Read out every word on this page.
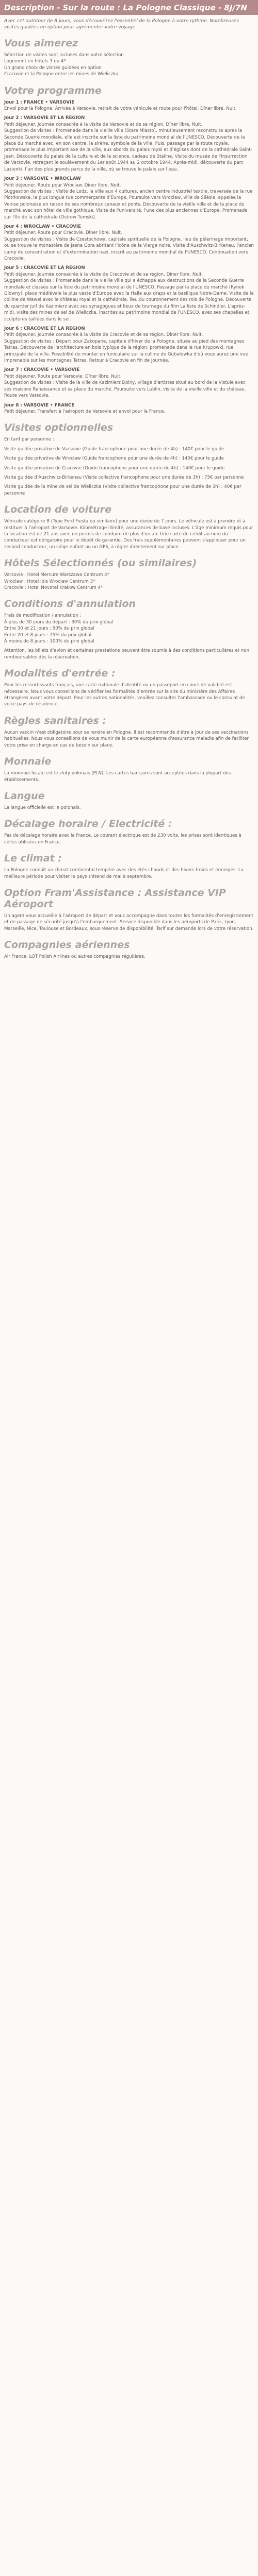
Description - Sur la route : La Pologne Classique - 8J/7N
Avec cet autotour de 8 jours, vous découvrirez l'essentiel de la Pologne à votre rythme. Nombreuses visites guidées en option pour agrémenter votre voyage.
Vous aimerez
Sélection de visites sont incluses dans votre sélection
Logement en hôtels 3 ou 4*
Un grand choix de visites guidées en option
Cracovie et la Pologne entre les mines de Wieliczka
Votre programme

Jour 1 : FRANCE • VARSOVIE
Envol pour la Pologne. Arrivée à Varsovie, retrait de votre véhicule et route pour l'hôtel. Dîner libre. Nuit.

Jour 2 : VARSOVIE ET LA REGION
Petit déjeuner. Journée consacrée à la visite de Varsovie et de sa région. Dîner libre. Nuit.
Suggestion de visites : Promenade dans la vieille ville (Stare Miasto), minutieusement reconstruite après la Seconde Guerre mondiale, elle est inscrite sur la liste du patrimoine mondial de l'UNESCO. Découverte de la place du marché avec, en son centre, la sirène, symbole de la ville. Puis, passage par la route royale, promenade le plus important axe de la ville, aux abords du palais royal et d'églises dont de la cathédrale Saint-Jean. Découverte du palais de la culture et de la science, cadeau de Staline. Visite du musée de l'insurrection de Varsovie, retraçant le soulèvement du 1er août 1944 au 2 octobre 1944. Après-midi, découverte du parc Lazienki, l'un des plus grands parcs de la ville, où se trouve le palais sur l'eau.

Jour 3 : VARSOVIE • WROCLAW
Petit déjeuner. Route pour Wroclaw. Dîner libre. Nuit.
Suggestion de visites : Visite de Lodz, la ville aux 4 cultures, ancien centre industriel textile, traversée de la rue Piotrkowska, la plus longue rue commerçante d'Europe. Poursuite vers Wroclaw, ville de Silésie, appelée la Venise polonaise en raison de ses nombreux canaux et ponts. Découverte de la vieille ville et de la place du marché avec son hôtel de ville gothique. Visite de l'université, l'une des plus anciennes d'Europe. Promenade sur l'île de la cathédrale (Ostrow Tumski).

Jour 4 : WROCLAW • CRACOVIE
Petit déjeuner. Route pour Cracovie. Dîner libre. Nuit.
Suggestion de visites : Visite de Czestochowa, capitale spirituelle de la Pologne, lieu de pèlerinage important, où se trouve le monastère de Jasna Gora abritant l'icône de la Vierge noire. Visite d'Auschwitz-Birkenau, l'ancien camp de concentration et d'extermination nazi, inscrit au patrimoine mondial de l'UNESCO. Continuation vers Cracovie.

Jour 5 : CRACOVIE ET LA REGION
Petit déjeuner. Journée consacrée à la visite de Cracovie et de sa région. Dîner libre. Nuit.
Suggestion de visites : Promenade dans la vieille ville qui a échappé aux destructions de la Seconde Guerre mondiale et classée sur la liste du patrimoine mondial de l'UNESCO. Passage par la place du marché (Rynek Glowny), place médiévale la plus vaste d'Europe avec la Halle aux draps et la basilique Notre-Dame. Visite de la colline de Wawel avec le château royal et la cathédrale, lieu du couronnement des rois de Pologne. Découverte du quartier juif de Kazimierz avec ses synagogues et lieux de tournage du film La liste de Schindler. L'après-midi, visite des mines de sel de Wieliczka, inscrites au patrimoine mondial de l'UNESCO, avec ses chapelles et sculptures taillées dans le sel.

Jour 6 : CRACOVIE ET LA REGION
Petit déjeuner. Journée consacrée à la visite de Cracovie et de sa région. Dîner libre. Nuit.
Suggestion de visites : Départ pour Zakopane, capitale d'hiver de la Pologne, située au pied des montagnes Tatras. Découverte de l'architecture en bois typique de la région, promenade dans la rue Krupowki, rue principale de la ville. Possibilité de monter en funiculaire sur la colline de Gubalowka d'où vous aurez une vue imprenable sur les montagnes Tatras. Retour à Cracovie en fin de journée.

Jour 7 : CRACOVIE • VARSOVIE
Petit déjeuner. Route pour Varsovie. Dîner libre. Nuit.
Suggestion de visites : Visite de la ville de Kazimierz Dolny, village d'artistes situé au bord de la Vistule avec ses maisons Renaissance et sa place du marché. Poursuite vers Lublin, visite de la vieille ville et du château. Route vers Varsovie.

Jour 8 : VARSOVIE • FRANCE
Petit déjeuner. Transfert à l'aéroport de Varsovie et envol pour la France.

Visites optionnelles

En tarif par personne :

Visite guidée privative de Varsovie (Guide francophone pour une durée de 4h) : 140€ pour le guide

Visite guidée privative de Wroclaw (Guide francophone pour une durée de 4h) : 140€ pour le guide

Visite guidée privative de Cracovie (Guide francophone pour une durée de 4h) : 140€ pour le guide

Visite guidée d'Auschwitz-Birkenau (Visite collective francophone pour une durée de 3h) : 75€ par personne

Visite guidée de la mine de sel de Wieliczka (Visite collective francophone pour une durée de 3h) : 40€ par personne

Location de voiture

Véhicule catégorie B (Type Ford Fiesta ou similaire) pour une durée de 7 jours. Le véhicule est à prendre et à restituer à l'aéroport de Varsovie. Kilométrage illimité, assurances de base incluses. L'âge minimum requis pour la location est de 21 ans avec un permis de conduire de plus d'un an. Une carte de crédit au nom du conducteur est obligatoire pour le dépôt de garantie. Des frais supplémentaires peuvent s'appliquer pour un second conducteur, un siège enfant ou un GPS, à régler directement sur place.

Hôtels Sélectionnés (ou similaires)
Varsovie : Hotel Mercure Warszawa Centrum 4*
Wroclaw : Hotel Ibis Wroclaw Centrum 3*
Cracovie : Hotel Novotel Krakow Centrum 4*
Conditions d'annulation
Frais de modification / annulation :
À plus de 30 jours du départ : 30% du prix global
Entre 30 et 21 jours : 50% du prix global
Entre 20 et 8 jours : 75% du prix global
À moins de 8 jours : 100% du prix global

Attention, les billets d'avion et certaines prestations peuvent être soumis à des conditions particulières et non remboursables dès la réservation.

Modalités d'entrée :

Pour les ressortissants français, une carte nationale d'identité ou un passeport en cours de validité est nécessaire. Nous vous conseillons de vérifier les formalités d'entrée sur le site du ministère des Affaires étrangères avant votre départ. Pour les autres nationalités, veuillez consulter l'ambassade ou le consulat de votre pays de résidence.

Règles sanitaires :

Aucun vaccin n'est obligatoire pour se rendre en Pologne. Il est recommandé d'être à jour de ses vaccinations habituelles. Nous vous conseillons de vous munir de la carte européenne d'assurance maladie afin de faciliter votre prise en charge en cas de besoin sur place.

Monnaie

La monnaie locale est le zloty polonais (PLN). Les cartes bancaires sont acceptées dans la plupart des établissements.

Langue

La langue officielle est le polonais.

Décalage horaire / Electricité :

Pas de décalage horaire avec la France. Le courant électrique est de 230 volts, les prises sont identiques à celles utilisées en France.

Le climat :

La Pologne connaît un climat continental tempéré avec des étés chauds et des hivers froids et enneigés. La meilleure période pour visiter le pays s'étend de mai à septembre.

Option Fram'Assistance : Assistance VIP Aéroport

Un agent vous accueille à l'aéroport de départ et vous accompagne dans toutes les formalités d'enregistrement et de passage de sécurité jusqu'à l'embarquement. Service disponible dans les aéroports de Paris, Lyon, Marseille, Nice, Toulouse et Bordeaux, sous réserve de disponibilité. Tarif sur demande lors de votre réservation.

Compagnies aériennes

Air France, LOT Polish Airlines ou autres compagnies régulières.
